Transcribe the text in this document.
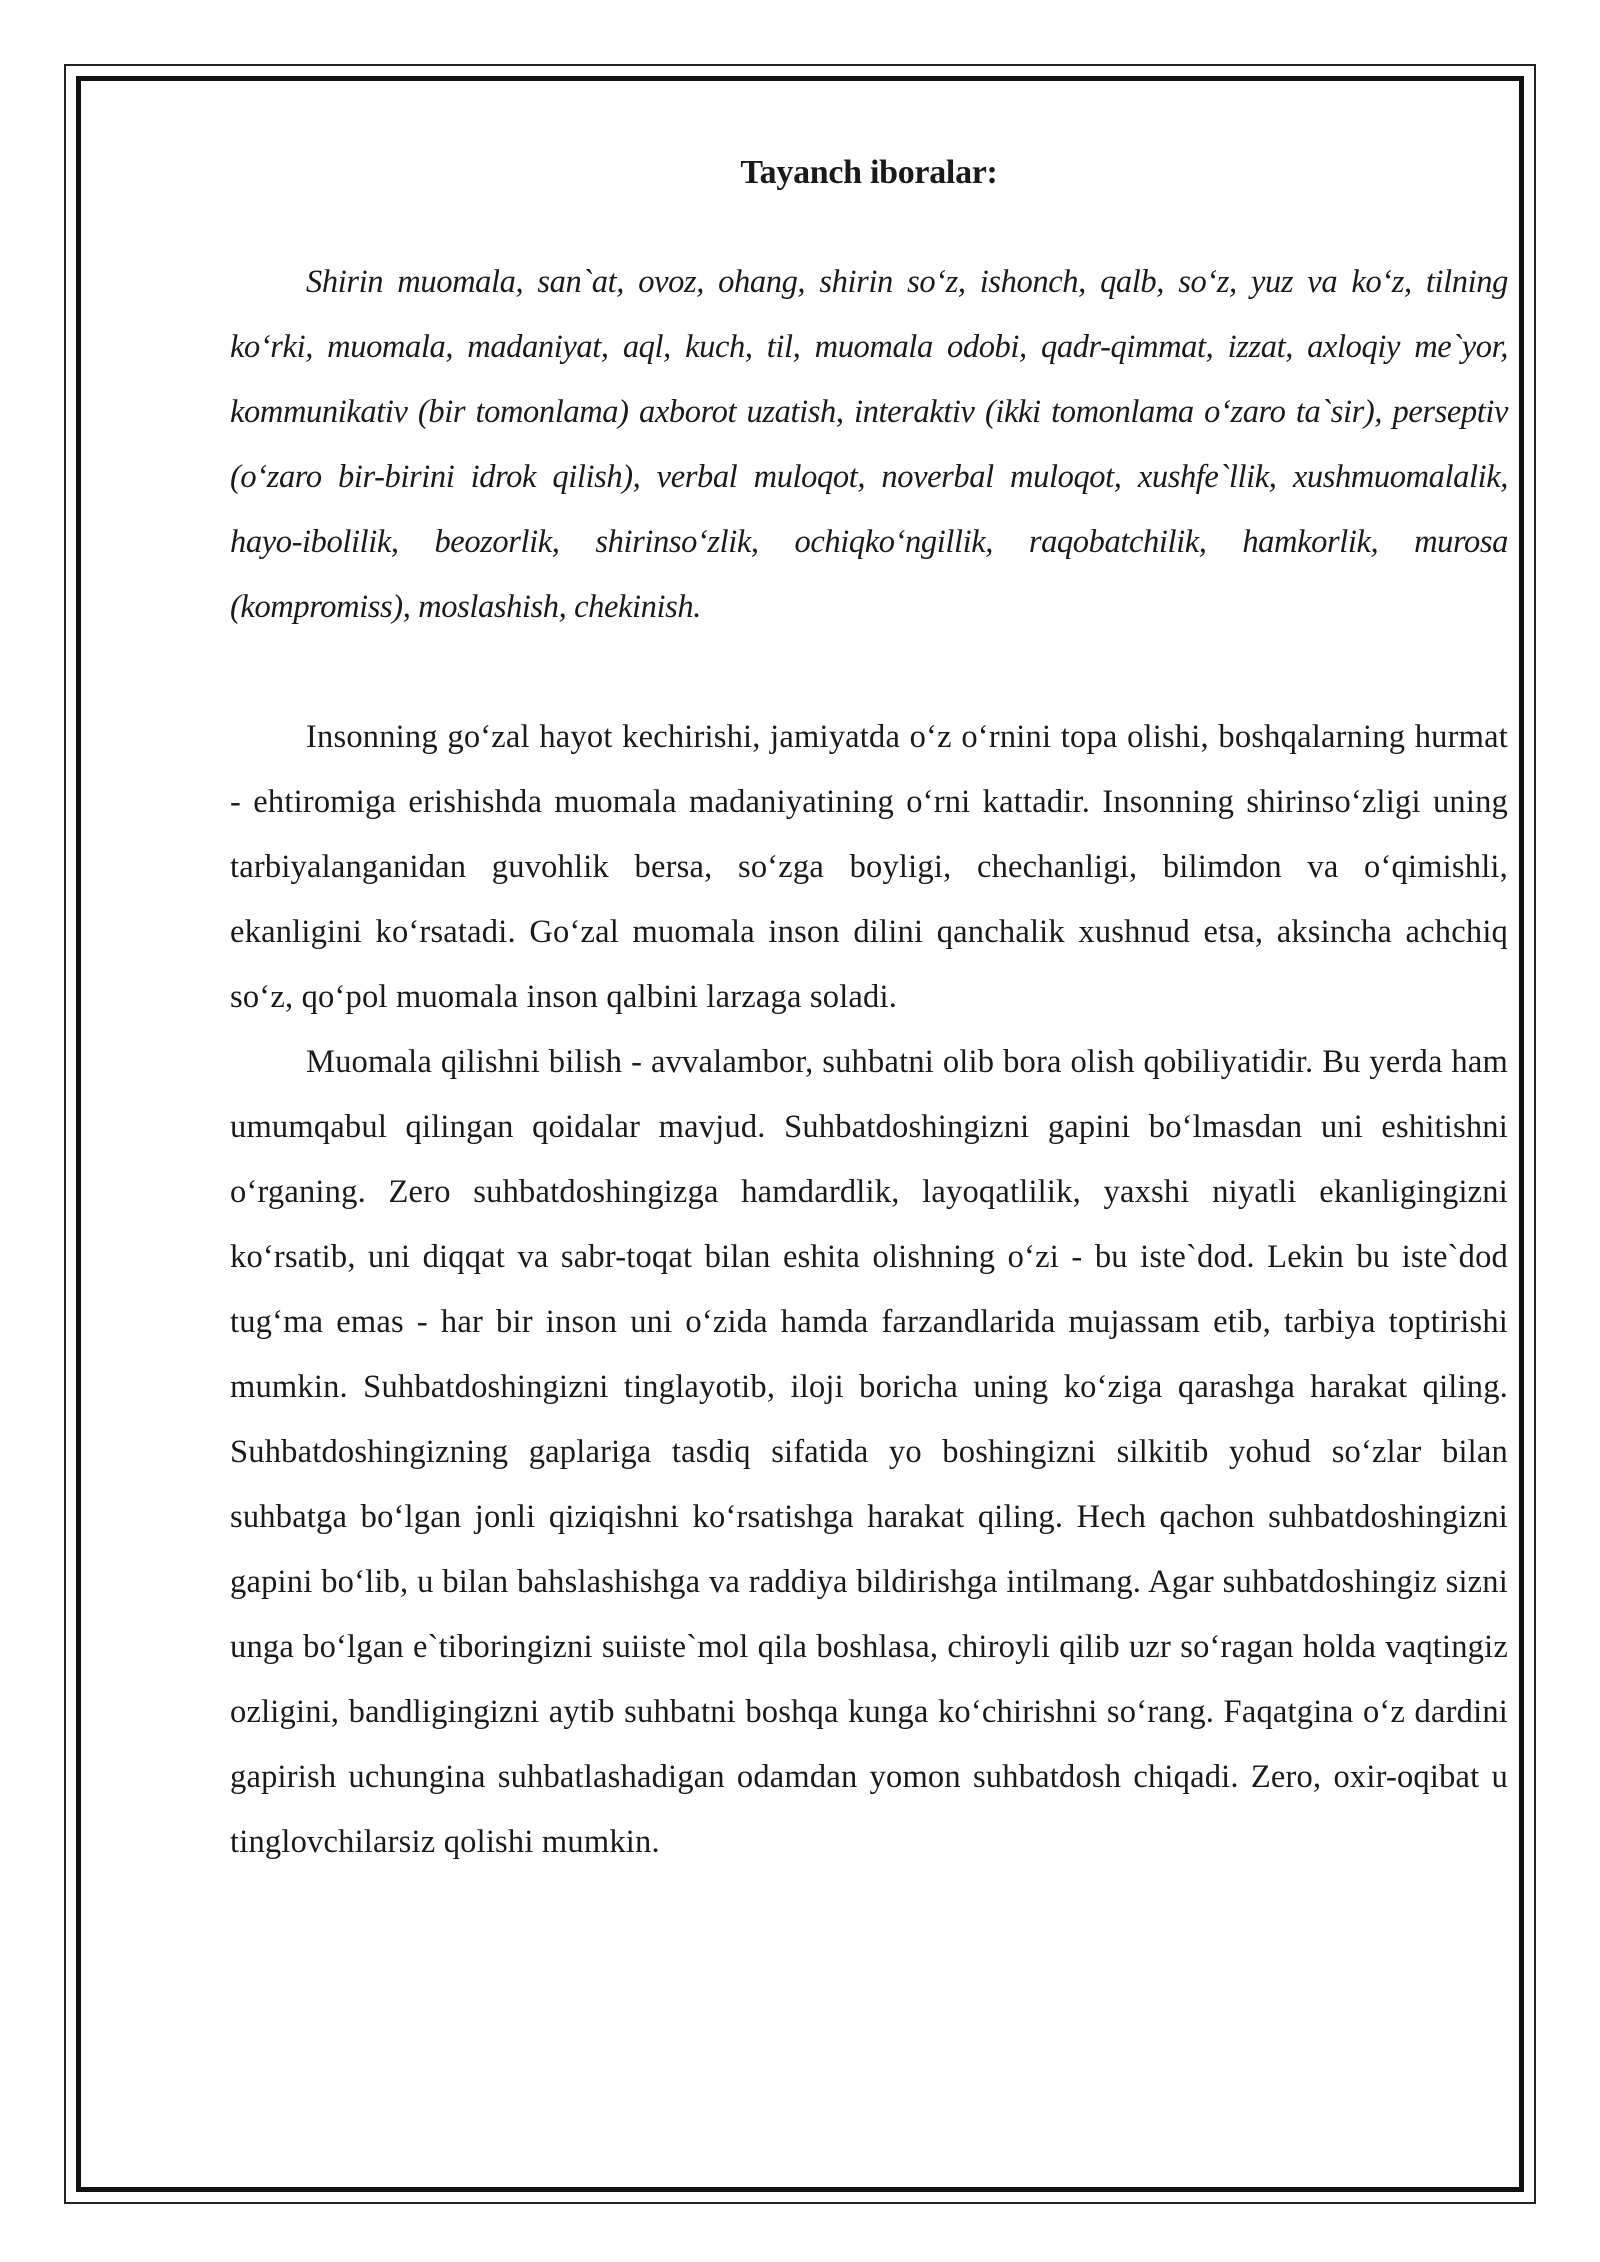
Tayanch iboralar:

Shirin muomala, san`at, ovoz, ohang, shirin so‘z, ishonch, qalb, so‘z, yuz va ko‘z, tilning ko‘rki, muomala, madaniyat, aql, kuch, til, muomala odobi, qadr-qimmat, izzat, axloqiy me`yor, kommunikativ (bir tomonlama) axborot uzatish, interaktiv (ikki tomonlama o‘zaro ta`sir), perseptiv (o‘zaro bir-birini idrok qilish), verbal muloqot, noverbal muloqot, xushfe`llik, xushmuomalalik, hayo-ibolilik, beozorlik, shirinso‘zlik, ochiqko‘ngillik, raqobatchilik, hamkorlik, murosa (kompromiss), moslashish, chekinish.

Insonning go‘zal hayot kechirishi, jamiyatda o‘z o‘rnini topa olishi, boshqalarning hurmat - ehtiromiga erishishda muomala madaniyatining o‘rni kattadir. Insonning shirinso‘zligi uning tarbiyalanganidan guvohlik bersa, so‘zga boyligi, chechanligi, bilimdon va o‘qimishli, ekanligini ko‘rsatadi. Go‘zal muomala inson dilini qanchalik xushnud etsa, aksincha achchiq so‘z, qo‘pol muomala inson qalbini larzaga soladi.

Muomala qilishni bilish - avvalambor, suhbatni olib bora olish qobiliyatidir. Bu yerda ham umumqabul qilingan qoidalar mavjud. Suhbatdoshingizni gapini bo‘lmasdan uni eshitishni o‘rganing. Zero suhbatdoshingizga hamdardlik, layoqatlilik, yaxshi niyatli ekanligingizni ko‘rsatib, uni diqqat va sabr-toqat bilan eshita olishning o‘zi - bu iste`dod. Lekin bu iste`dod tug‘ma emas - har bir inson uni o‘zida hamda farzandlarida mujassam etib, tarbiya toptirishi mumkin. Suhbatdoshingizni tinglayotib, iloji boricha uning ko‘ziga qarashga harakat qiling. Suhbatdoshingizning gaplariga tasdiq sifatida yo boshingizni silkitib yohud so‘zlar bilan suhbatga bo‘lgan jonli qiziqishni ko‘rsatishga harakat qiling. Hech qachon suhbatdoshingizni gapini bo‘lib, u bilan bahslashishga va raddiya bildirishga intilmang. Agar suhbatdoshingiz sizni unga bo‘lgan e`tiboringizni suiiste`mol qila boshlasa, chiroyli qilib uzr so‘ragan holda vaqtingiz ozligini, bandligingizni aytib suhbatni boshqa kunga ko‘chirishni so‘rang. Faqatgina o‘z dardini gapirish uchungina suhbatlashadigan odamdan yomon suhbatdosh chiqadi. Zero, oxir-oqibat u tinglovchilarsiz qolishi mumkin.
